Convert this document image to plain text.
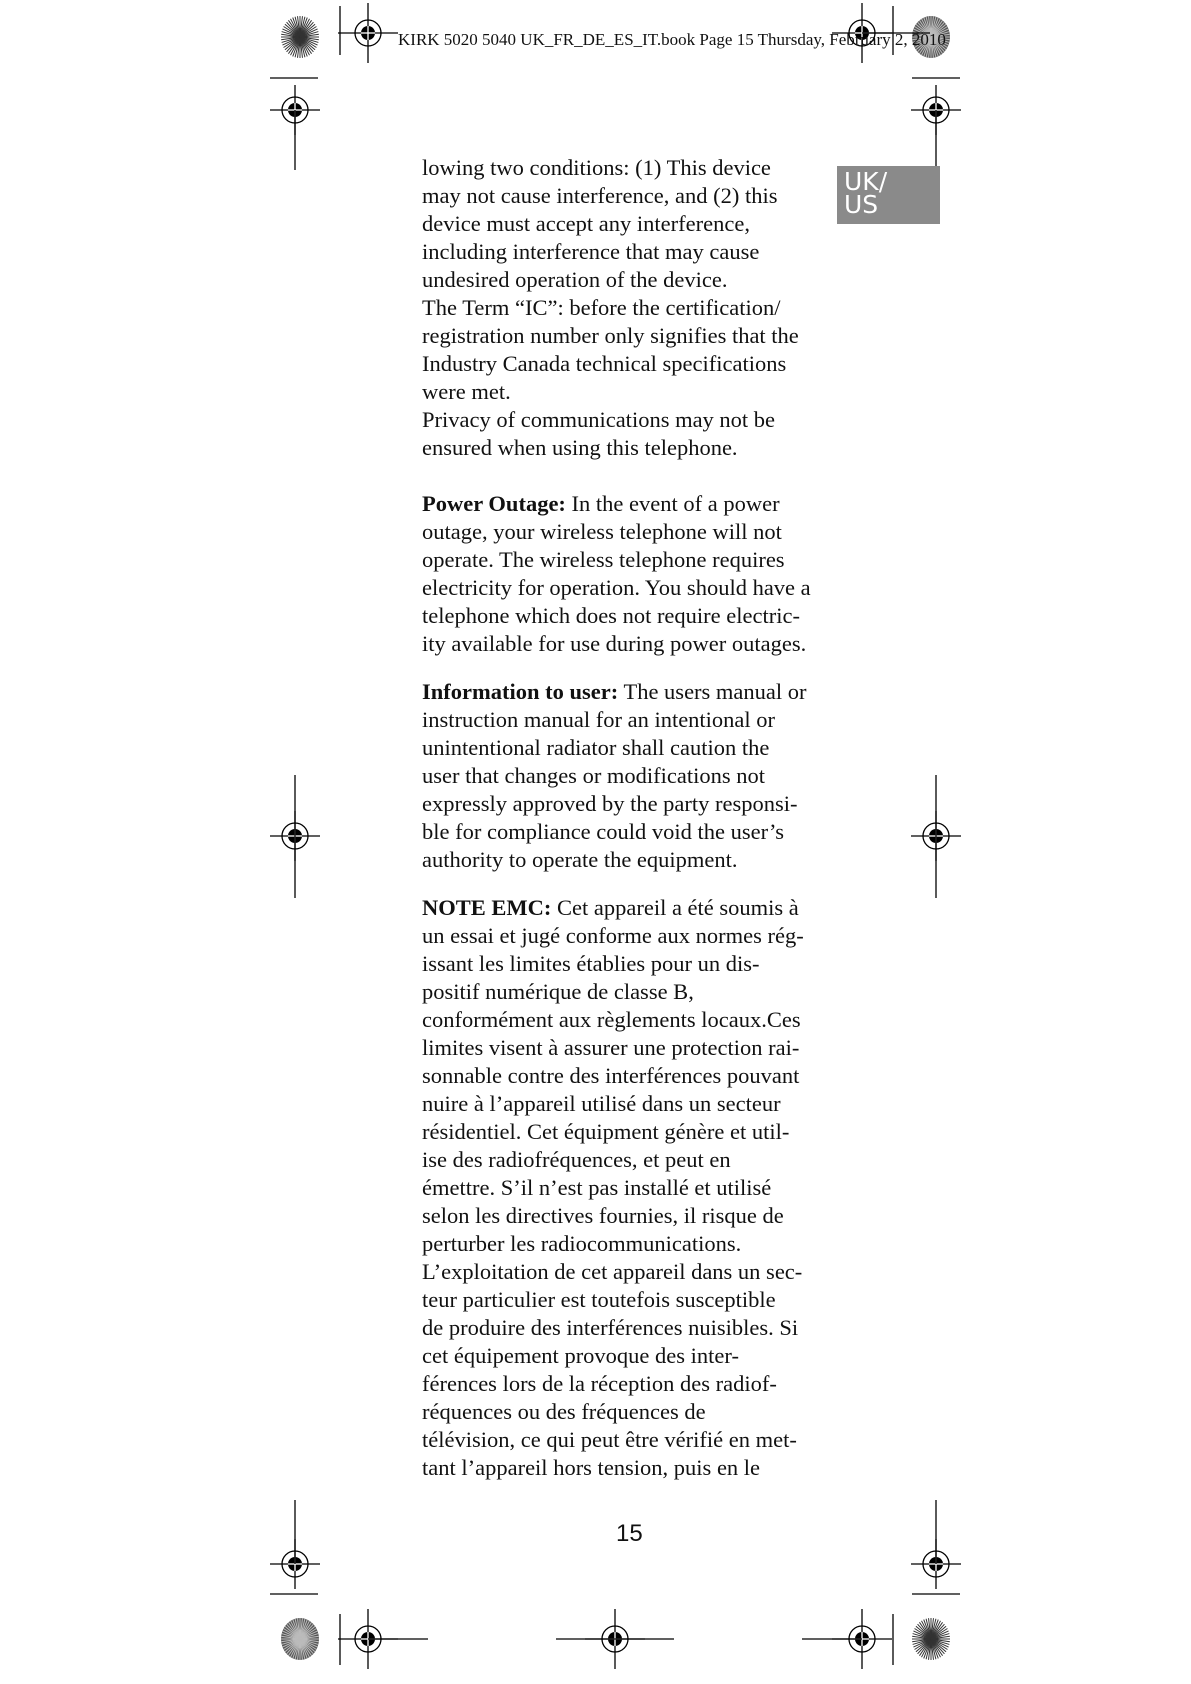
KIRK 5020 5040 UK_FR_DE_ES_IT.book Page 15 Thursday, February 2, 2010
UK/
US

lowing two conditions: (1) This device
may not cause interference, and (2) this
device must accept any interference,
including interference that may cause
undesired operation of the device.

The Term “IC”: before the certification/
registration number only signifies that the
Industry Canada technical specifications
were met.

Privacy of communications may not be
ensured when using this telephone.

Power Outage: In the event of a power
outage, your wireless telephone will not
operate. The wireless telephone requires
electricity for operation. You should have a
telephone which does not require electric-
ity available for use during power outages.

Information to user: The users manual or
instruction manual for an intentional or
unintentional radiator shall caution the
user that changes or modifications not
expressly approved by the party responsi-
ble for compliance could void the user’s
authority to operate the equipment.

NOTE EMC: Cet appareil a été soumis à
un essai et jugé conforme aux normes rég-
issant les limites établies pour un dis-
positif numérique de classe B,
conformément aux règlements locaux.Ces
limites visent à assurer une protection rai-
sonnable contre des interférences pouvant
nuire à l’appareil utilisé dans un secteur
résidentiel. Cet équipment génère et util-
ise des radiofréquences, et peut en
émettre. S’il n’est pas installé et utilisé
selon les directives fournies, il risque de
perturber les radiocommunications.
L’exploitation de cet appareil dans un sec-
teur particulier est toutefois susceptible
de produire des interférences nuisibles. Si
cet équipement provoque des inter-
férences lors de la réception des radiof-
réquences ou des fréquences de
télévision, ce qui peut être vérifié en met-
tant l’appareil hors tension, puis en le

15
